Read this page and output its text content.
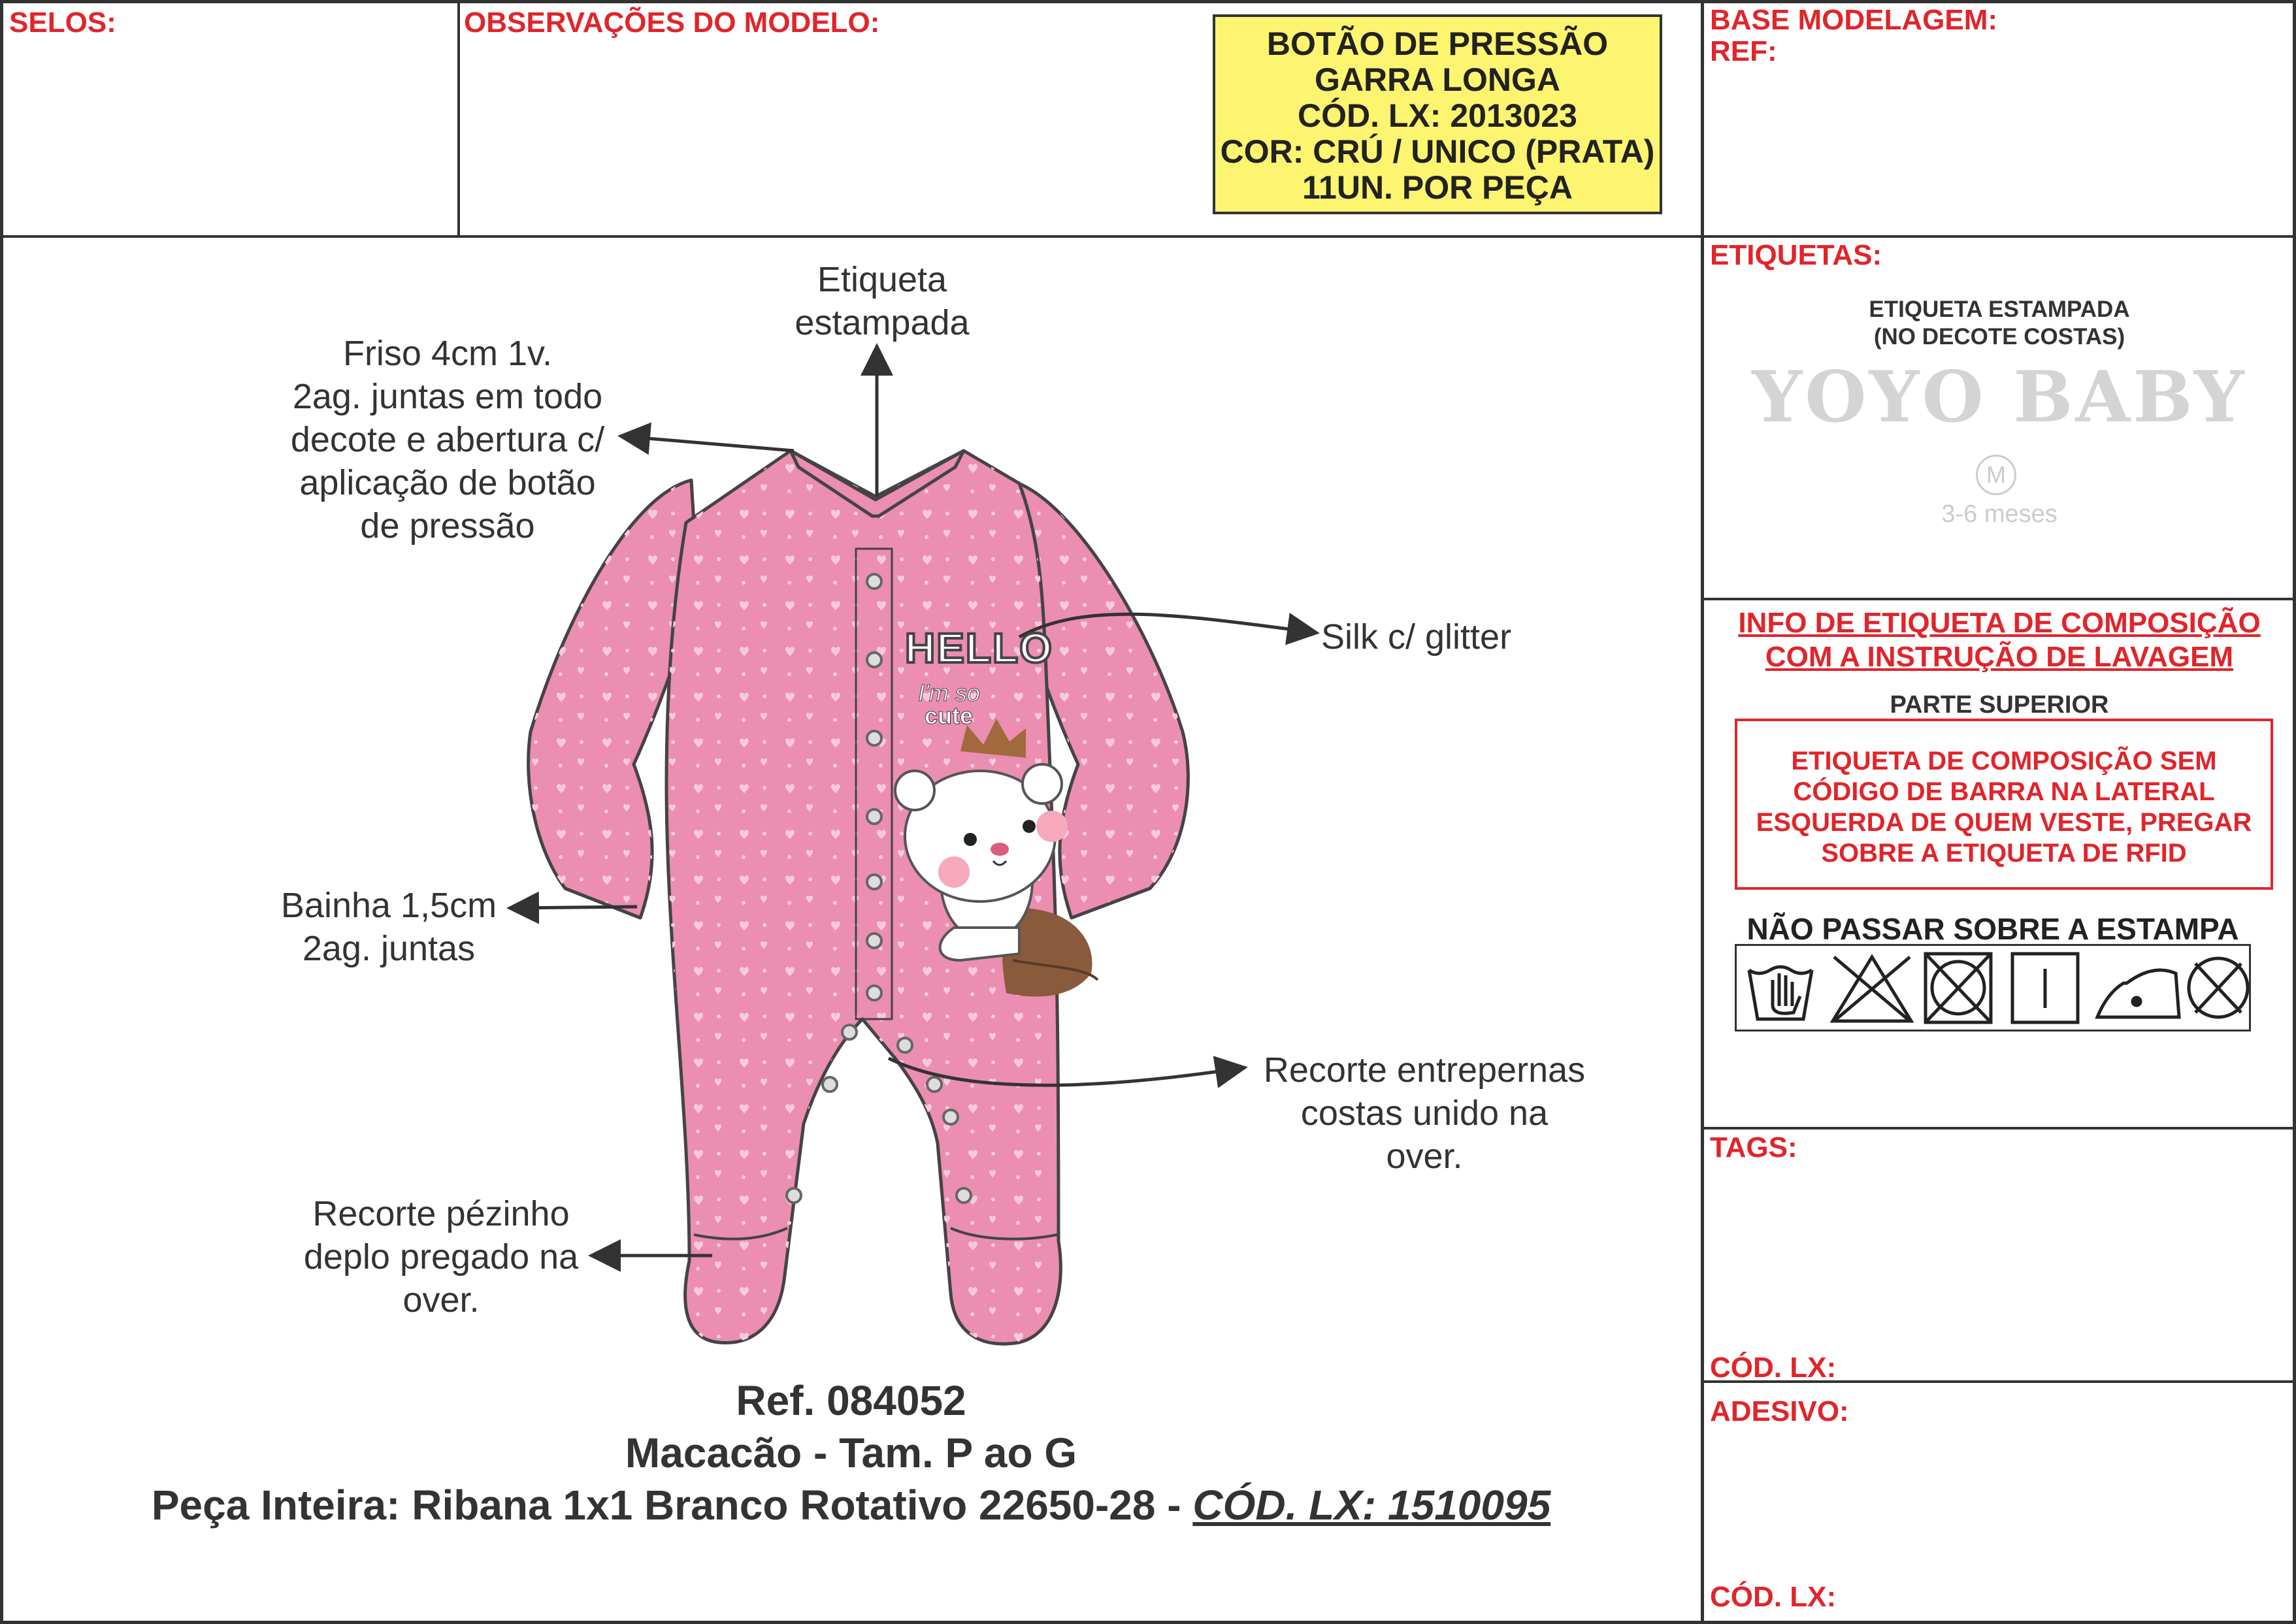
SELOS:	OBSERVAÇÕES DO MODELO:
BOTÃO DE PRESSÃO
GARRA LONGA
CÓD. LX: 2013023
COR: CRÚ / UNICO (PRATA)
11UN. POR PEÇA
BASE MODELAGEM:
REF:
HELLO
I'm so
cute
Etiqueta
estampada
Friso 4cm 1v.
2ag. juntas em todo
decote e abertura c/
aplicação de botão
de pressão
Silk c/ glitter
Bainha 1,5cm
2ag. juntas
Recorte entrepernas
costas unido na
over.
Recorte pézinho
deplo pregado na
over.
Ref. 084052
Macacão - Tam. P ao G
Peça Inteira: Ribana 1x1 Branco Rotativo 22650-28 - CÓD. LX: 1510095
ETIQUETAS:
ETIQUETA ESTAMPADA
(NO DECOTE COSTAS)
YOYO BABY
M
3-6 meses
INFO DE ETIQUETA DE COMPOSIÇÃO
COM A INSTRUÇÃO DE LAVAGEM
PARTE SUPERIOR
ETIQUETA DE COMPOSIÇÃO SEM
CÓDIGO DE BARRA NA LATERAL
ESQUERDA DE QUEM VESTE, PREGAR
SOBRE A ETIQUETA DE RFID
NÃO PASSAR SOBRE A ESTAMPA
TAGS:
CÓD. LX:
ADESIVO:
CÓD. LX:
